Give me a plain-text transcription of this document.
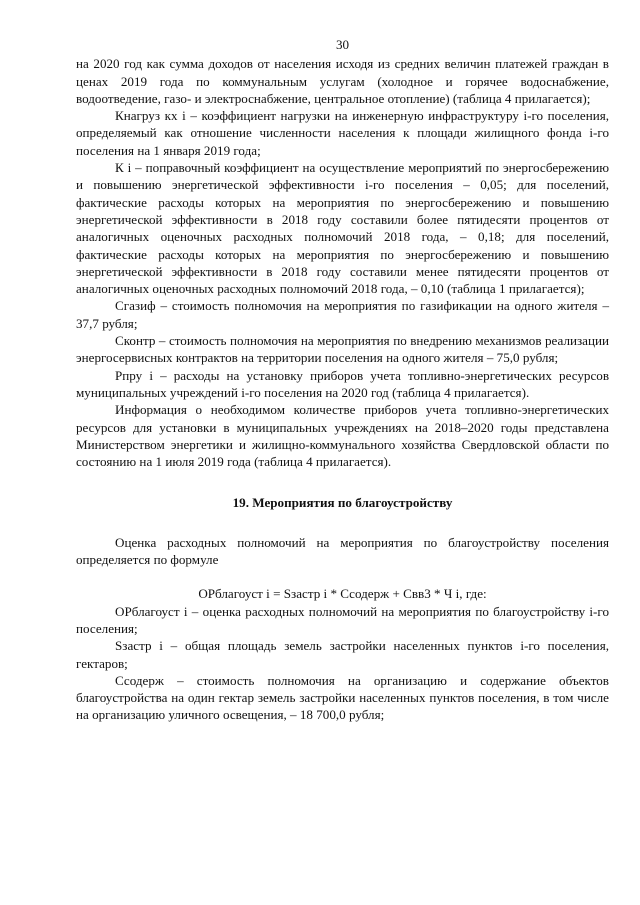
30

на 2020 год как сумма доходов от населения исходя из средних величин платежей граждан в ценах 2019 года по коммунальным услугам (холодное и горячее водоснабжение, водоотведение, газо- и электроснабжение, центральное отопление) (таблица 4 прилагается);

Кнагруз кх i – коэффициент нагрузки на инженерную инфраструктуру i-го поселения, определяемый как отношение численности населения к площади жилищного фонда i-го поселения на 1 января 2019 года;

К i – поправочный коэффициент на осуществление мероприятий по энергосбережению и повышению энергетической эффективности i-го поселения – 0,05; для поселений, фактические расходы которых на мероприятия по энергосбережению и повышению энергетической эффективности в 2018 году составили более пятидесяти процентов от аналогичных оценочных расходных полномочий 2018 года, – 0,18; для поселений, фактические расходы которых на мероприятия по энергосбережению и повышению энергетической эффективности в 2018 году составили менее пятидесяти процентов от аналогичных оценочных расходных полномочий 2018 года, – 0,10 (таблица 1 прилагается);

Сгазиф – стоимость полномочия на мероприятия по газификации на одного жителя – 37,7 рубля;

Сконтр – стоимость полномочия на мероприятия по внедрению механизмов реализации энергосервисных контрактов на территории поселения на одного жителя – 75,0 рубля;

Рпру i – расходы на установку приборов учета топливно-энергетических ресурсов муниципальных учреждений i-го поселения на 2020 год (таблица 4 прилагается).

Информация о необходимом количестве приборов учета топливно-энергетических ресурсов для установки в муниципальных учреждениях на 2018–2020 годы представлена Министерством энергетики и жилищно-коммунального хозяйства Свердловской области по состоянию на 1 июля 2019 года (таблица 4 прилагается).

19. Мероприятия по благоустройству

Оценка расходных полномочий на мероприятия по благоустройству поселения определяется по формуле

ОРблагоуст i = Sзастр i * Ссодерж + Свв3 * Ч i, где:

ОРблагоуст i – оценка расходных полномочий на мероприятия по благоустройству i-го поселения;

Sзастр i – общая площадь земель застройки населенных пунктов i-го поселения, гектаров;

Ссодерж – стоимость полномочия на организацию и содержание объектов благоустройства на один гектар земель застройки населенных пунктов поселения, в том числе на организацию уличного освещения, – 18 700,0 рубля;
